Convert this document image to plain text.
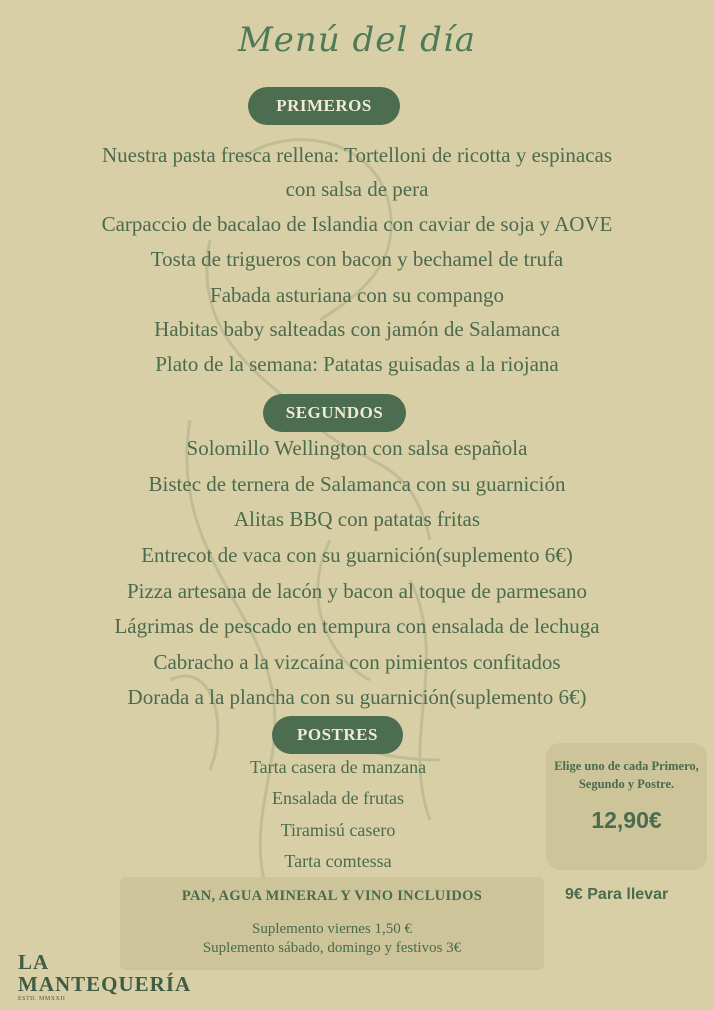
Menú del día
PRIMEROS
Nuestra pasta fresca rellena: Tortelloni de ricotta y espinacas
con salsa de pera
Carpaccio de bacalao de Islandia con caviar de soja y AOVE
Tosta de trigueros con bacon y bechamel de trufa
Fabada asturiana con su compango
Habitas baby salteadas con jamón de Salamanca
Plato de la semana: Patatas guisadas a la riojana
SEGUNDOS
Solomillo Wellington con salsa española
Bistec de ternera de Salamanca con su guarnición
Alitas BBQ con patatas fritas
Entrecot de vaca con su guarnición(suplemento 6€)
Pizza artesana de lacón y bacon al toque de parmesano
Lágrimas de pescado en tempura con ensalada de lechuga
Cabracho a la vizcaína con pimientos confitados
Dorada a la plancha con su guarnición(suplemento 6€)
POSTRES
Tarta casera de manzana
Ensalada de frutas
Tiramisú casero
Tarta comtessa
Elige uno de cada Primero, Segundo y Postre.
12,90€
PAN, AGUA MINERAL Y VINO INCLUIDOS
Suplemento viernes 1,50 €
Suplemento sábado, domingo y festivos 3€
9€ Para llevar
LA
MANTEQUERÍA
ESTD. MMXXII
